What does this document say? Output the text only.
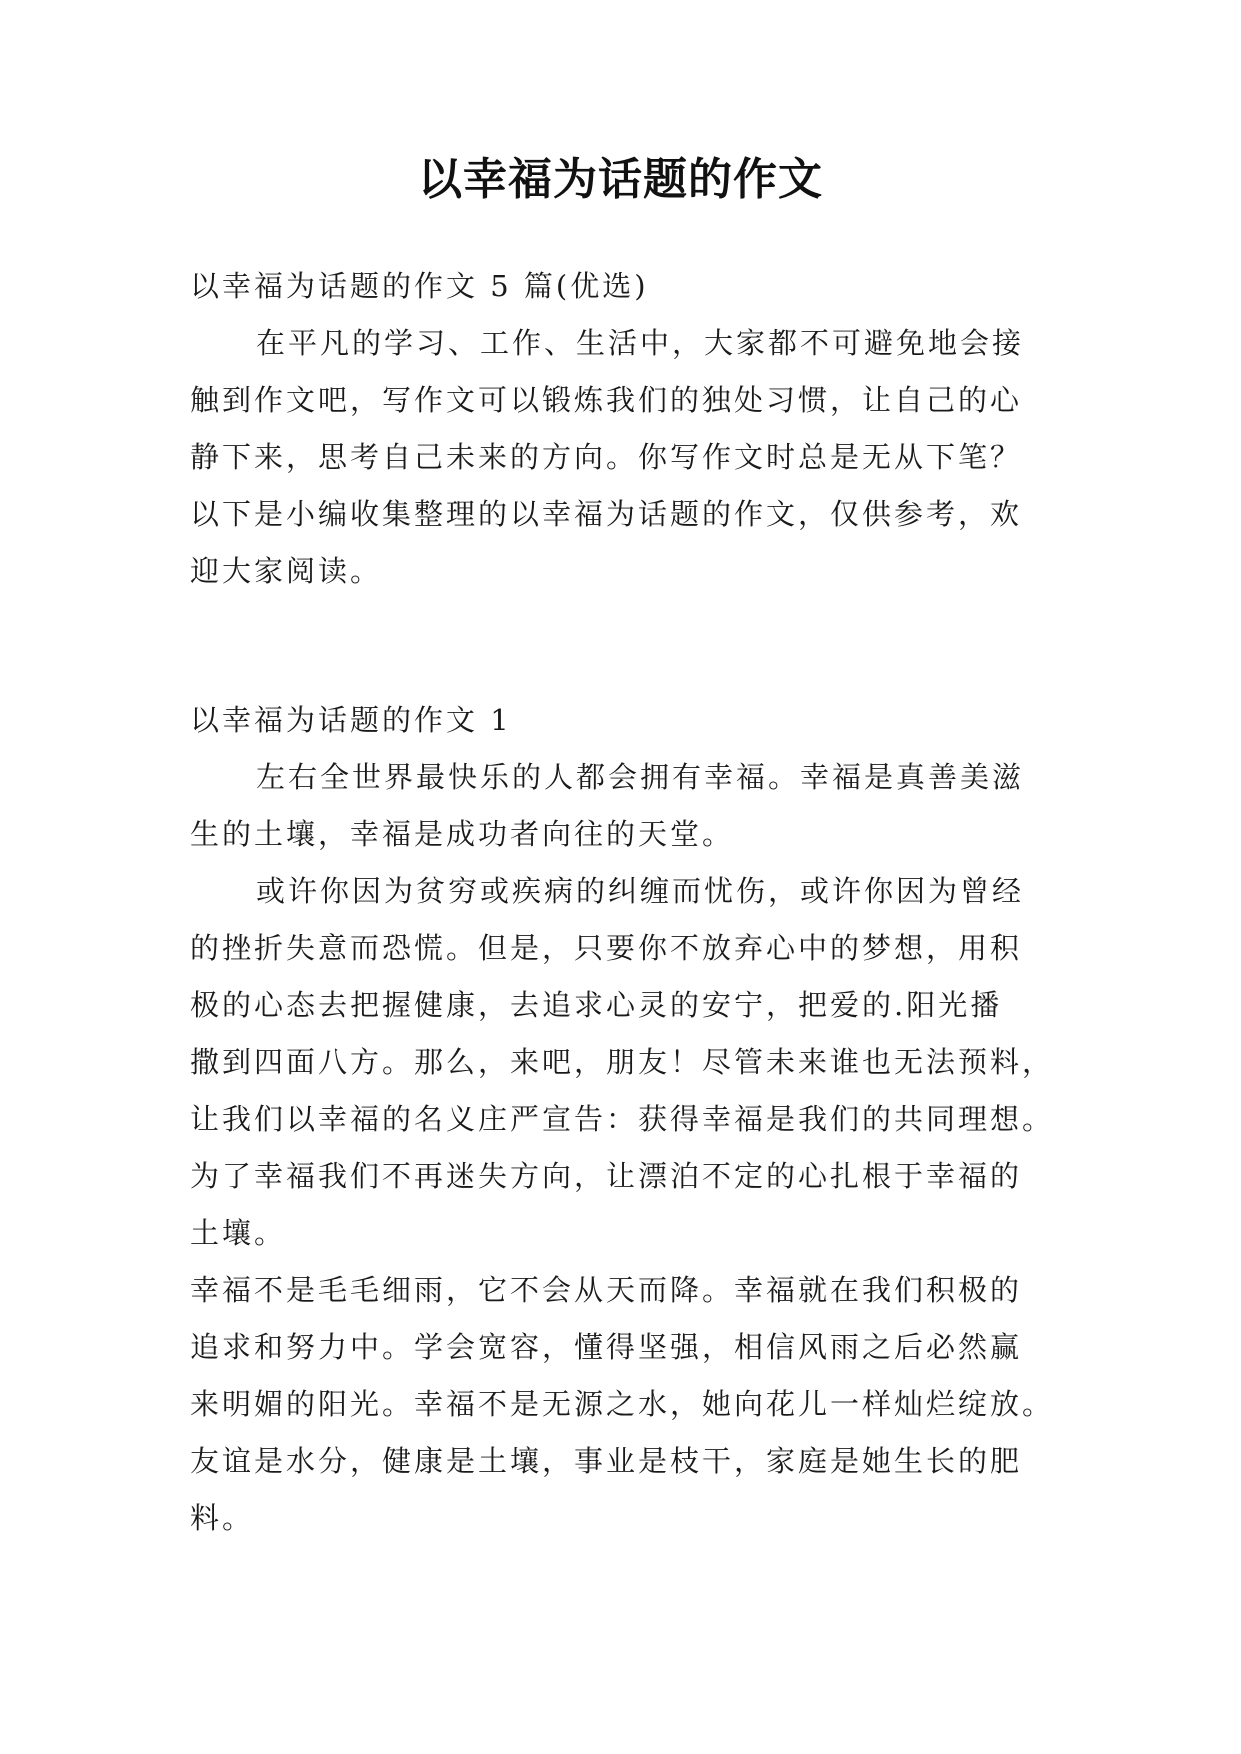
以幸福为话题的作文
以幸福为话题的作文 5 篇(优选)
在平凡的学习、工作、生活中，大家都不可避免地会接
触到作文吧，写作文可以锻炼我们的独处习惯，让自己的心
静下来，思考自己未来的方向。你写作文时总是无从下笔？
以下是小编收集整理的以幸福为话题的作文，仅供参考，欢
迎大家阅读。
以幸福为话题的作文 1
左右全世界最快乐的人都会拥有幸福。幸福是真善美滋
生的土壤，幸福是成功者向往的天堂。
或许你因为贫穷或疾病的纠缠而忧伤，或许你因为曾经
的挫折失意而恐慌。但是，只要你不放弃心中的梦想，用积
极的心态去把握健康，去追求心灵的安宁，把爱的.阳光播
撒到四面八方。那么，来吧，朋友！尽管未来谁也无法预料，
让我们以幸福的名义庄严宣告：获得幸福是我们的共同理想。
为了幸福我们不再迷失方向，让漂泊不定的心扎根于幸福的
土壤。
幸福不是毛毛细雨，它不会从天而降。幸福就在我们积极的
追求和努力中。学会宽容，懂得坚强，相信风雨之后必然赢
来明媚的阳光。幸福不是无源之水，她向花儿一样灿烂绽放。
友谊是水分，健康是土壤，事业是枝干，家庭是她生长的肥
料。
